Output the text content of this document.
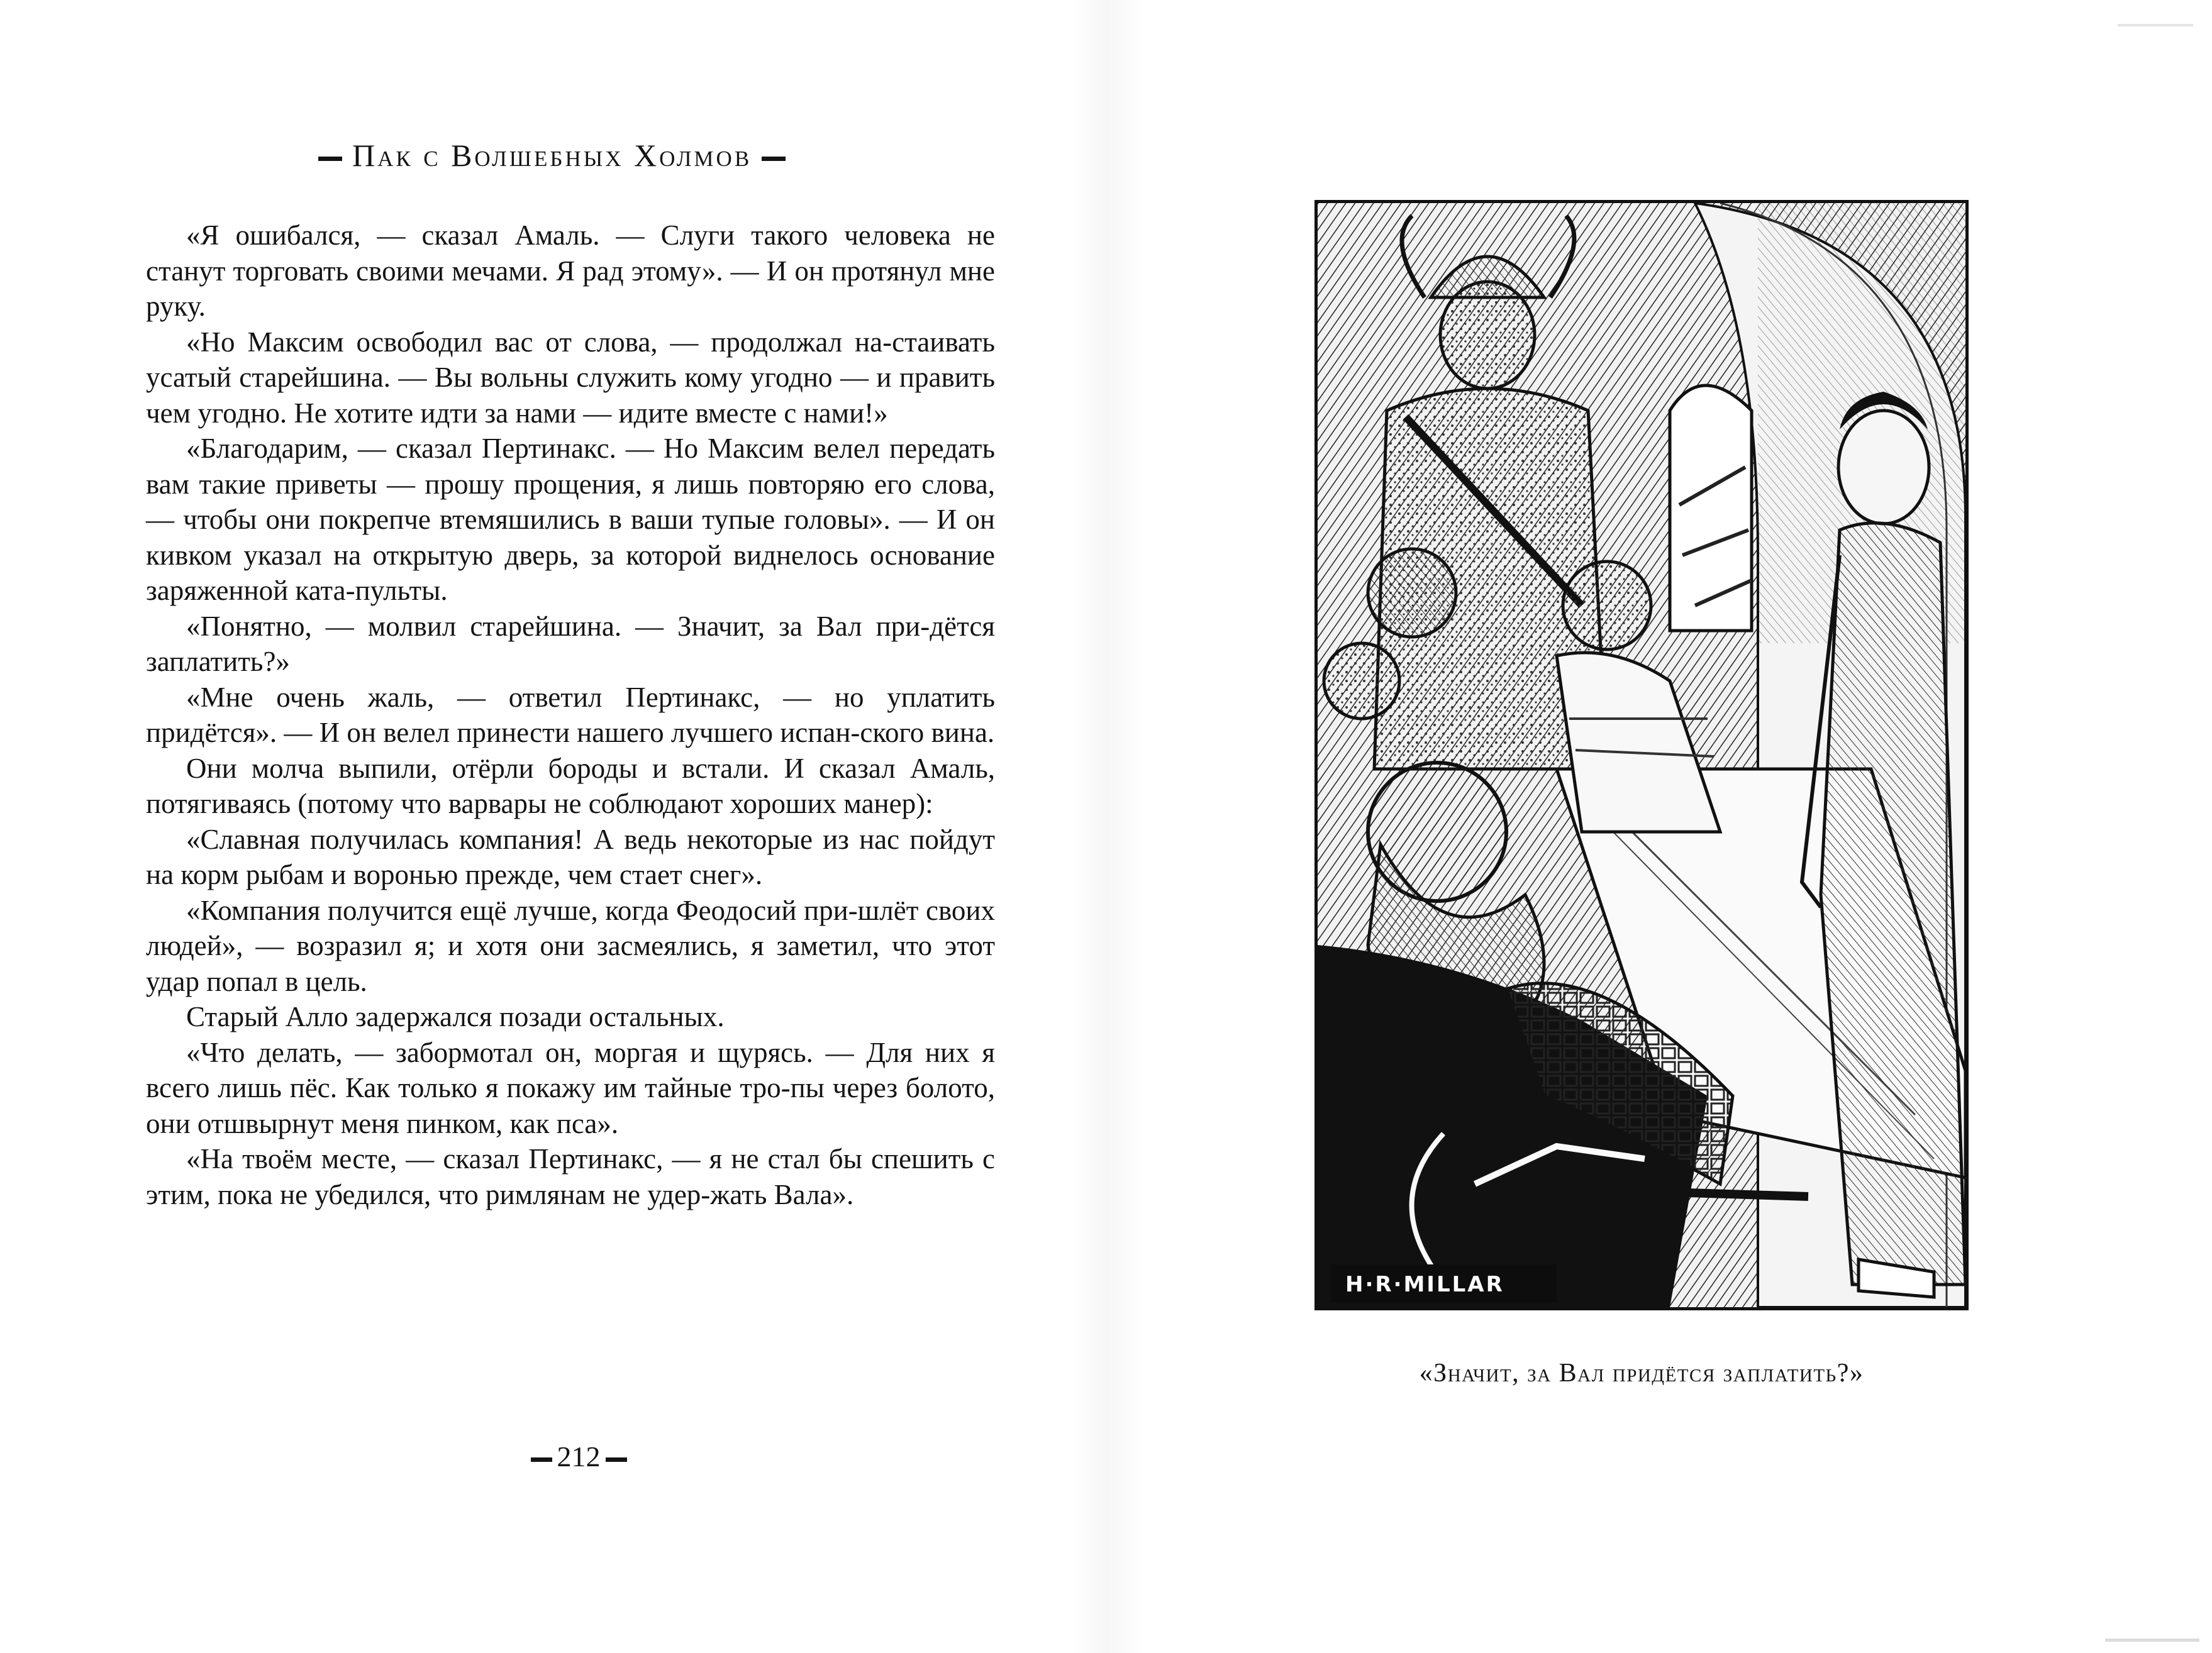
Пак с Волшебных Холмов

«Я ошибался, — сказал Амаль. — Слуги такого человека не станут торговать своими мечами. Я рад этому». — И он протянул мне руку.

«Но Максим освободил вас от слова, — продолжал на-стаивать усатый старейшина. — Вы вольны служить кому угодно — и править чем угодно. Не хотите идти за нами — идите вместе с нами!»

«Благодарим, — сказал Пертинакс. — Но Максим велел передать вам такие приветы — прошу прощения, я лишь повторяю его слова, — чтобы они покрепче втемяшились в ваши тупые головы». — И он кивком указал на открытую дверь, за которой виднелось основание заряженной ката-пульты.

«Понятно, — молвил старейшина. — Значит, за Вал при-дётся заплатить?»

«Мне очень жаль, — ответил Пертинакс, — но уплатить придётся». — И он велел принести нашего лучшего испан-ского вина.

Они молча выпили, отёрли бороды и встали. И сказал Амаль, потягиваясь (потому что варвары не соблюдают хороших манер):

«Славная получилась компания! А ведь некоторые из нас пойдут на корм рыбам и воронью прежде, чем стает снег».

«Компания получится ещё лучше, когда Феодосий при-шлёт своих людей», — возразил я; и хотя они засмеялись, я заметил, что этот удар попал в цель.

Старый Алло задержался позади остальных.

«Что делать, — забормотал он, моргая и щурясь. — Для них я всего лишь пёс. Как только я покажу им тайные тро-пы через болото, они отшвырнут меня пинком, как пса».

«На твоём месте, — сказал Пертинакс, — я не стал бы спешить с этим, пока не убедился, что римлянам не удер-жать Вала».

212
H·R·MILLAR
«Значит, за Вал придётся заплатить?»
